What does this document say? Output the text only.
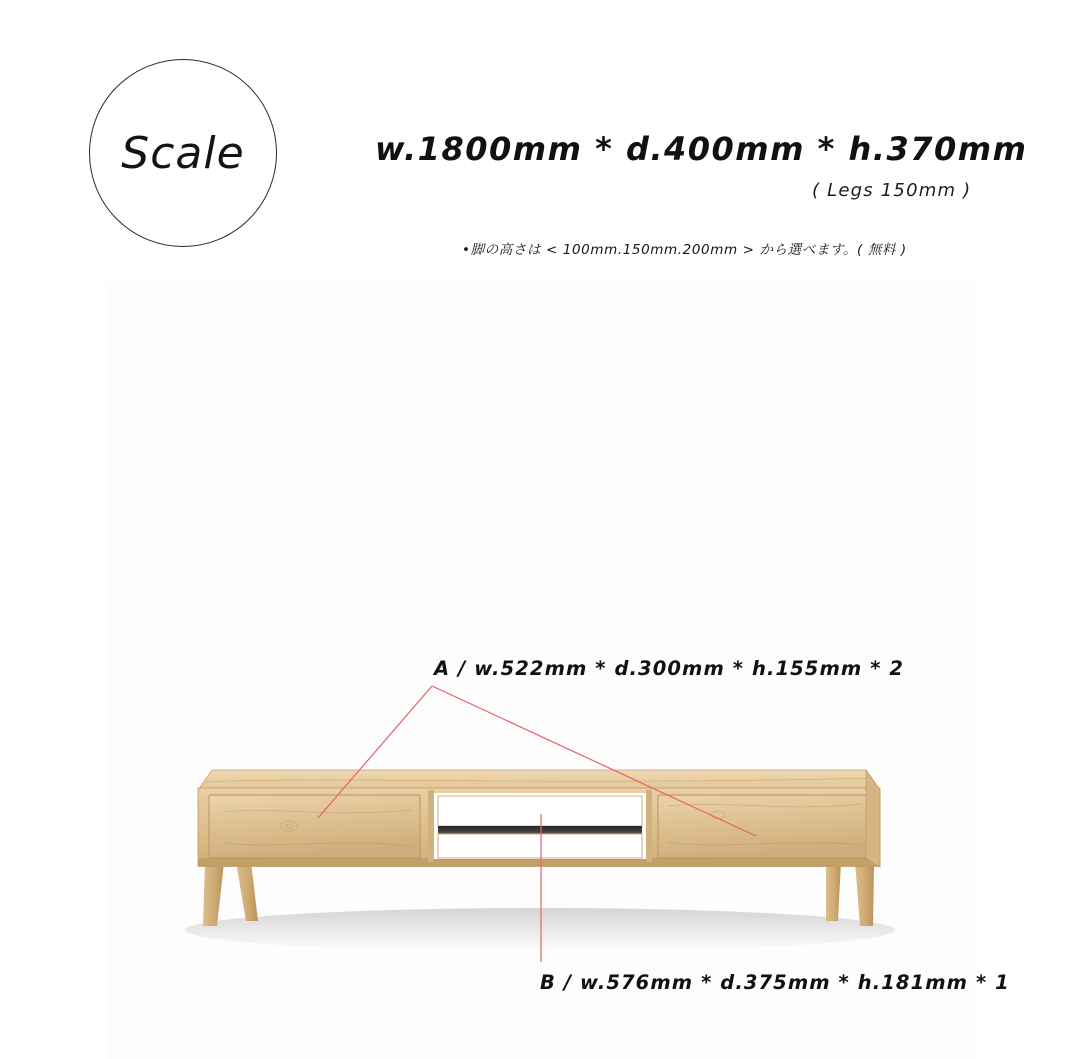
Scale	w.1800mm * d.400mm * h.370mm
( Legs 150mm )
•脚の高さは < 100mm.150mm.200mm > から選べます。( 無料 )
A / w.522mm * d.300mm * h.155mm * 2
B / w.576mm * d.375mm * h.181mm * 1
